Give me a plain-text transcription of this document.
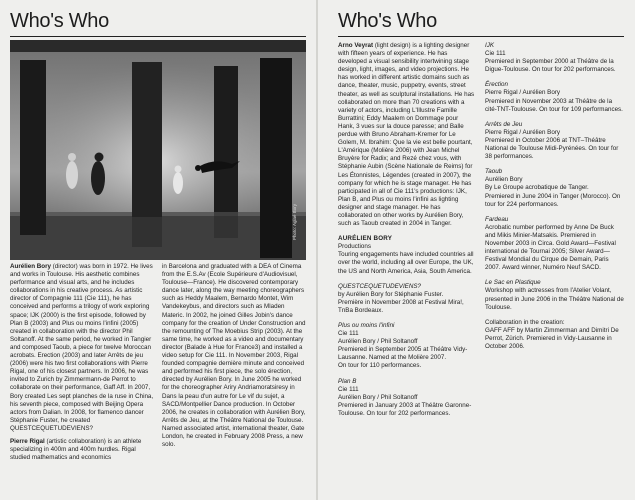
Who's Who
Photo: Aglaé Bory

Aurélien Bory (director) was born in 1972. He lives and works in Toulouse. His aesthetic combines performance and visual arts, and he includes collaborations in his creative process. As artistic director of Compagnie 111 (Cie 111), he has conceived and performs a trilogy of work exploring space; IJK (2000) is the first episode, followed by Plan B (2003) and Plus ou moins l'infini (2005) created in collaboration with the director Phil Soltanoff. At the same period, he worked in Tangier and composed Taoub, a piece for twelve Moroccan acrobats. Erection (2003) and later Arrêts de jeu (2006) were his two first collaborations with Pierre Rigal, one of his closest partners. In 2006, he was invited to Zurich by Zimmermann-de Perrot to collaborate on their performance, Gaff Aff. In 2007, Bory created Les sept planches de la ruse in China, his seventh piece, composed with Beijing Opera actors from Dalian. In 2008, for flamenco dancer Stéphanie Fuster, he created QUESTCEQUETUDEVIENS?

Pierre Rigal (artistic collaboration) is an athlete specializing in 400m and 400m hurdles. Rigal studied mathematics and economics

in Barcelona and graduated with a DEA of Cinema from the E.S.Av (Ecole Supérieure d'Audiovisuel, Toulouse—France). He discovered contemporary dance later, along the way meeting choreographers such as Heddy Maalem, Bernardo Montet, Wim Vandekeybus, and directors such as Mladen Materic. In 2002, he joined Gilles Jobin's dance company for the creation of Under Construction and the remounting of The Moebius Strip (2003). At the same time, he worked as a video and documentary director (Balade à Hue for France3) and installed a video setup for Cie 111. In November 2003, Rigal founded compagnie dernière minute and conceived and performed his first piece, the solo érection, directed by Aurélien Bory. In June 2005 he worked for the choreographer Ariry Andriamoratsiresy in Dans la peau d'un autre for Le vif du sujet, a SACD/Montpellier Dance production. In October 2006, he creates in collaboration with Aurélien Bory, Arrêts de Jeu, at the Théâtre National de Toulouse. Named associated artist, international theater, Gate London, he created in February 2008 Press, a new solo.

Who's Who
Arno Veyrat (light design) is a lighting designer with fifteen years of experience. He has developed a visual sensibility intertwining stage design, light, images, and video projections. He has worked in different artistic domains such as dance, theater, music, puppetry, events, street theater, as well as sculptural installations. He has collaborated on more than 70 creations with a variety of actors, including L'Illustre Famille Burrattini; Eddy Maalem on Dommage pour Hank, 3 vues sur la douce paresse; and Balle perdue with Bruno Abraham-Kremer for Le Golem, M. Ibrahim: Que la vie est belle pourtant, L'Amérique (Molière 2006) with Jean Michel Bruyère for Radix; and Rezé chez vous, with Stéphanie Aubin (Scène Nationale de Reims) for Les Étonnistes, Légendes (created in 2007), the company for which he is stage manager. He has participated in all of Cie 111's productions: IJK, Plan B, and Plus ou moins l'infini as lighting designer and stage manager. He has collaborated on other works by Aurélien Bory, such as Taoub created in 2004 in Tanger.
AURÉLIEN BORY
Productions
Touring engagements have included countries all over the world, including all over Europe, the UK, the US and North America, Asia, South America.
QUESTCEQUETUDEVIENS?
by Aurélien Bory for Stéphanie Fuster.
Première in November 2008 at Festival Mira!, TnBa Bordeaux.
Plus ou moins l'infini
Cie 111
Aurélien Bory / Phil Soltanoff
Premiered in September 2005 at Théâtre Vidy-Lausanne. Named at the Molière 2007.
On tour for 110 performances.
Plan B
Cie 111
Aurélien Bory / Phil Soltanoff
Premiered in January 2003 at Théâtre Garonne-Toulouse. On tour for 202 performances.
IJK
Cie 111
Premiered in September 2000 at Théâtre de la Digue-Toulouse. On tour for 202 performances.
Érection
Pierre Rigal / Aurélien Bory
Premiered in November 2003 at Théâtre de la cité-TNT-Toulouse. On tour for 109 performances.
Arrêts de Jeu
Pierre Rigal / Aurélien Bory
Premiered in October 2006 at TNT–Théâtre National de Toulouse Midi-Pyrénées. On tour for 38 performances.
Taoub
Aurélien Bory
By Le Groupe acrobatique de Tanger.
Premiered in June 2004 in Tanger (Morocco). On tour for 224 performances.
Fardeau
Acrobatic number performed by Anne De Buck and Mikis Minier-Matsakis. Premiered in November 2003 in Circa. Gold Award—Festival international de Tournai 2005; Silver Award—Festival Mondial du Cirque de Demain, Paris 2007. Award winner, Numéro Neuf SACD.
Le Sac en Plastique
Workshop with actresses from l'Atelier Volant, presented in June 2006 in the Théâtre National de Toulouse.
Collaboration in the creation:
GAFF AFF by Martin Zimmerman and Dimitri De Perrot, Zürich. Premiered in Vidy-Lausanne in October 2006.
